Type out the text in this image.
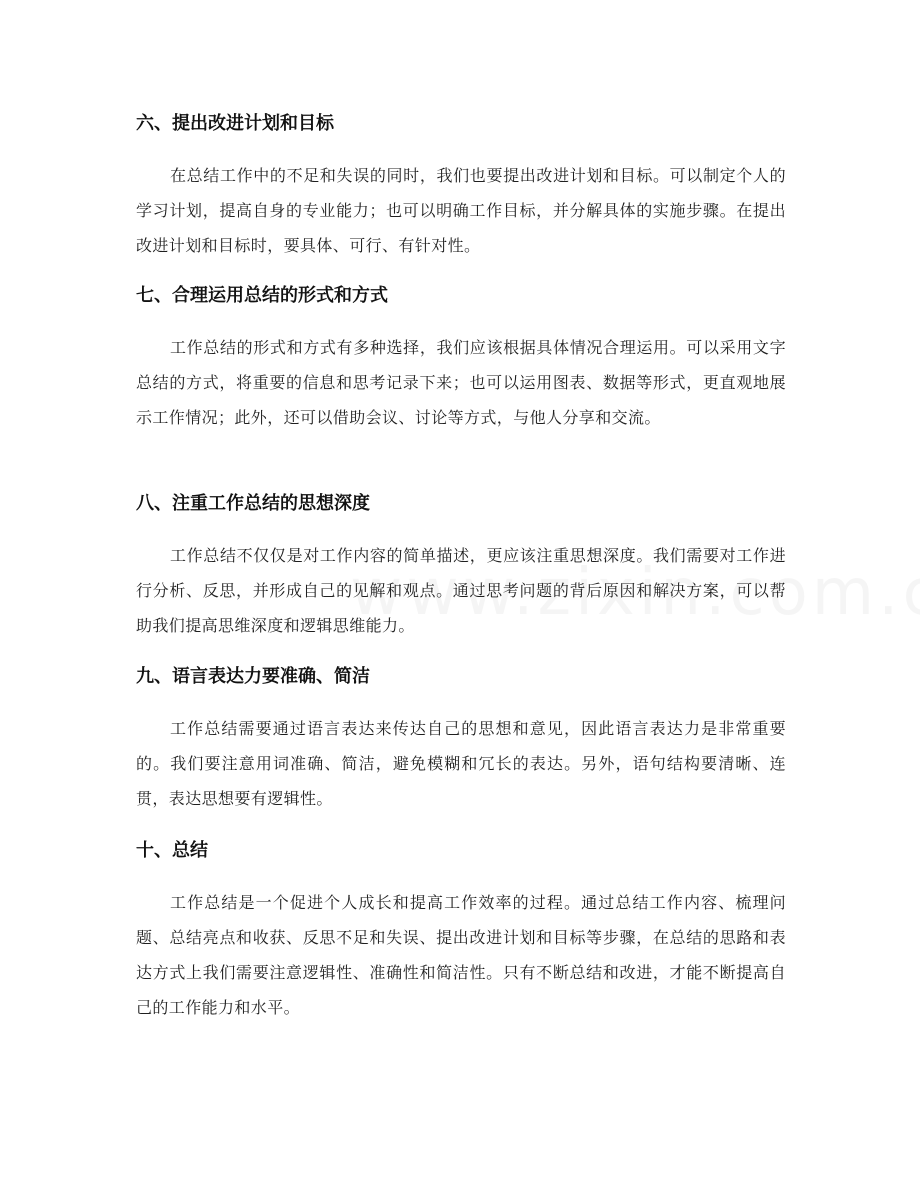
六、提出改进计划和目标

在总结工作中的不足和失误的同时，我们也要提出改进计划和目标。可以制定个人的学习计划，提高自身的专业能力；也可以明确工作目标，并分解具体的实施步骤。在提出改进计划和目标时，要具体、可行、有针对性。

七、合理运用总结的形式和方式

工作总结的形式和方式有多种选择，我们应该根据具体情况合理运用。可以采用文字总结的方式，将重要的信息和思考记录下来；也可以运用图表、数据等形式，更直观地展示工作情况；此外，还可以借助会议、讨论等方式，与他人分享和交流。

八、注重工作总结的思想深度

工作总结不仅仅是对工作内容的简单描述，更应该注重思想深度。我们需要对工作进行分析、反思，并形成自己的见解和观点。通过思考问题的背后原因和解决方案，可以帮助我们提高思维深度和逻辑思维能力。

九、语言表达力要准确、简洁

工作总结需要通过语言表达来传达自己的思想和意见，因此语言表达力是非常重要的。我们要注意用词准确、简洁，避免模糊和冗长的表达。另外，语句结构要清晰、连贯，表达思想要有逻辑性。

十、总结

工作总结是一个促进个人成长和提高工作效率的过程。通过总结工作内容、梳理问题、总结亮点和收获、反思不足和失误、提出改进计划和目标等步骤，在总结的思路和表达方式上我们需要注意逻辑性、准确性和简洁性。只有不断总结和改进，才能不断提高自己的工作能力和水平。
